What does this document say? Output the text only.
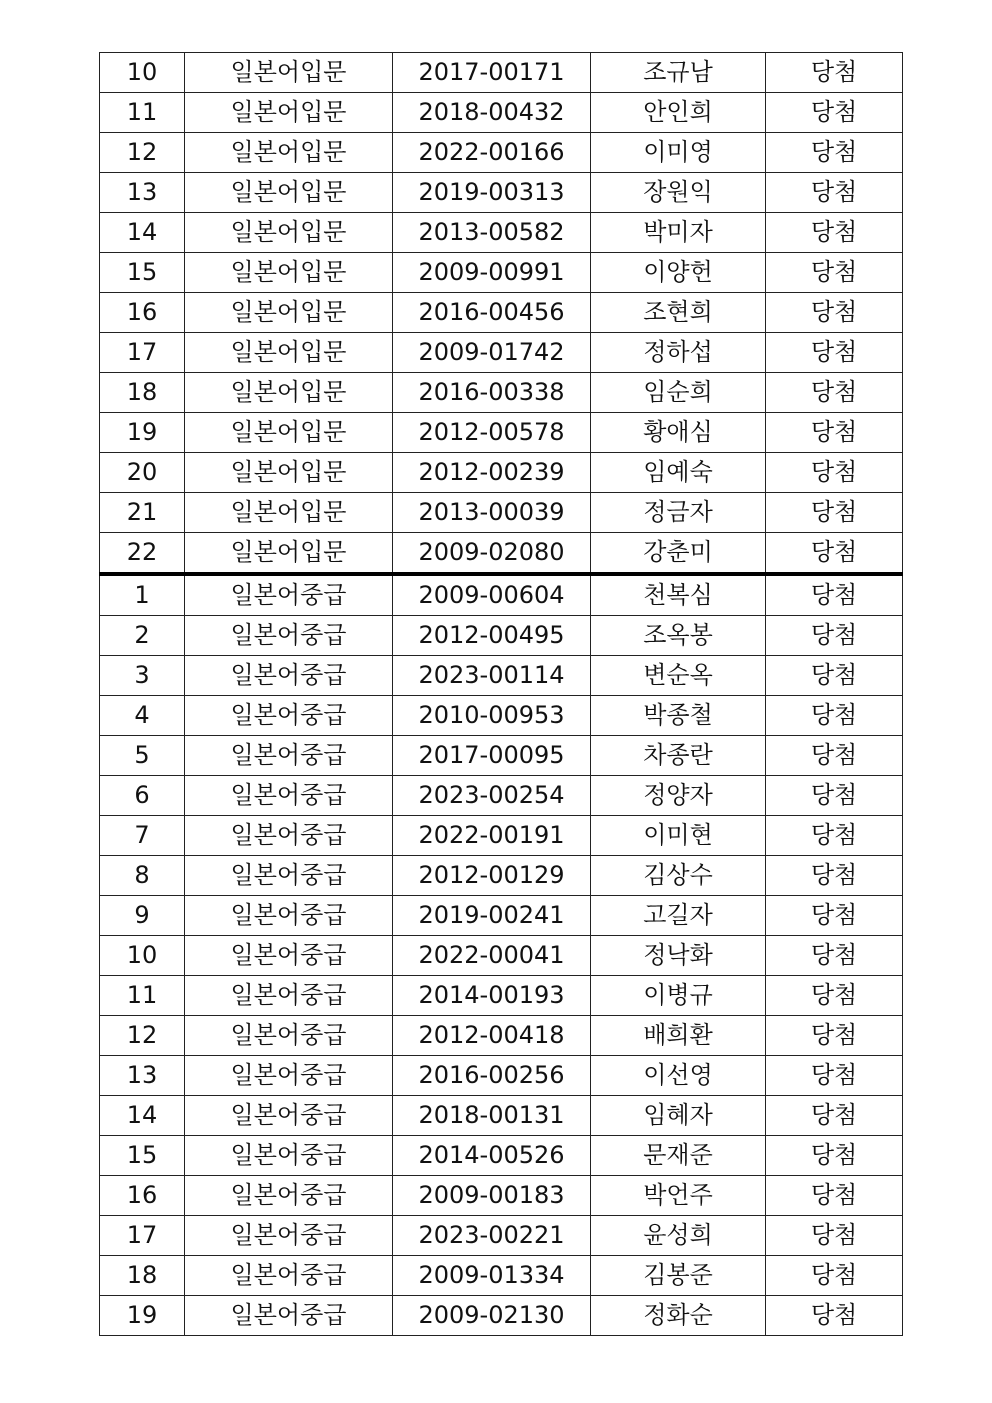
10	일본어입문	2017-00171	조규남	당첨
11	일본어입문	2018-00432	안인희	당첨
12	일본어입문	2022-00166	이미영	당첨
13	일본어입문	2019-00313	장원익	당첨
14	일본어입문	2013-00582	박미자	당첨
15	일본어입문	2009-00991	이양헌	당첨
16	일본어입문	2016-00456	조현희	당첨
17	일본어입문	2009-01742	정하섭	당첨
18	일본어입문	2016-00338	임순희	당첨
19	일본어입문	2012-00578	황애심	당첨
20	일본어입문	2012-00239	임예숙	당첨
21	일본어입문	2013-00039	정금자	당첨
22	일본어입문	2009-02080	강춘미	당첨
1	일본어중급	2009-00604	천복심	당첨
2	일본어중급	2012-00495	조옥봉	당첨
3	일본어중급	2023-00114	변순옥	당첨
4	일본어중급	2010-00953	박종철	당첨
5	일본어중급	2017-00095	차종란	당첨
6	일본어중급	2023-00254	정양자	당첨
7	일본어중급	2022-00191	이미현	당첨
8	일본어중급	2012-00129	김상수	당첨
9	일본어중급	2019-00241	고길자	당첨
10	일본어중급	2022-00041	정낙화	당첨
11	일본어중급	2014-00193	이병규	당첨
12	일본어중급	2012-00418	배희환	당첨
13	일본어중급	2016-00256	이선영	당첨
14	일본어중급	2018-00131	임혜자	당첨
15	일본어중급	2014-00526	문재준	당첨
16	일본어중급	2009-00183	박언주	당첨
17	일본어중급	2023-00221	윤성희	당첨
18	일본어중급	2009-01334	김봉준	당첨
19	일본어중급	2009-02130	정화순	당첨
